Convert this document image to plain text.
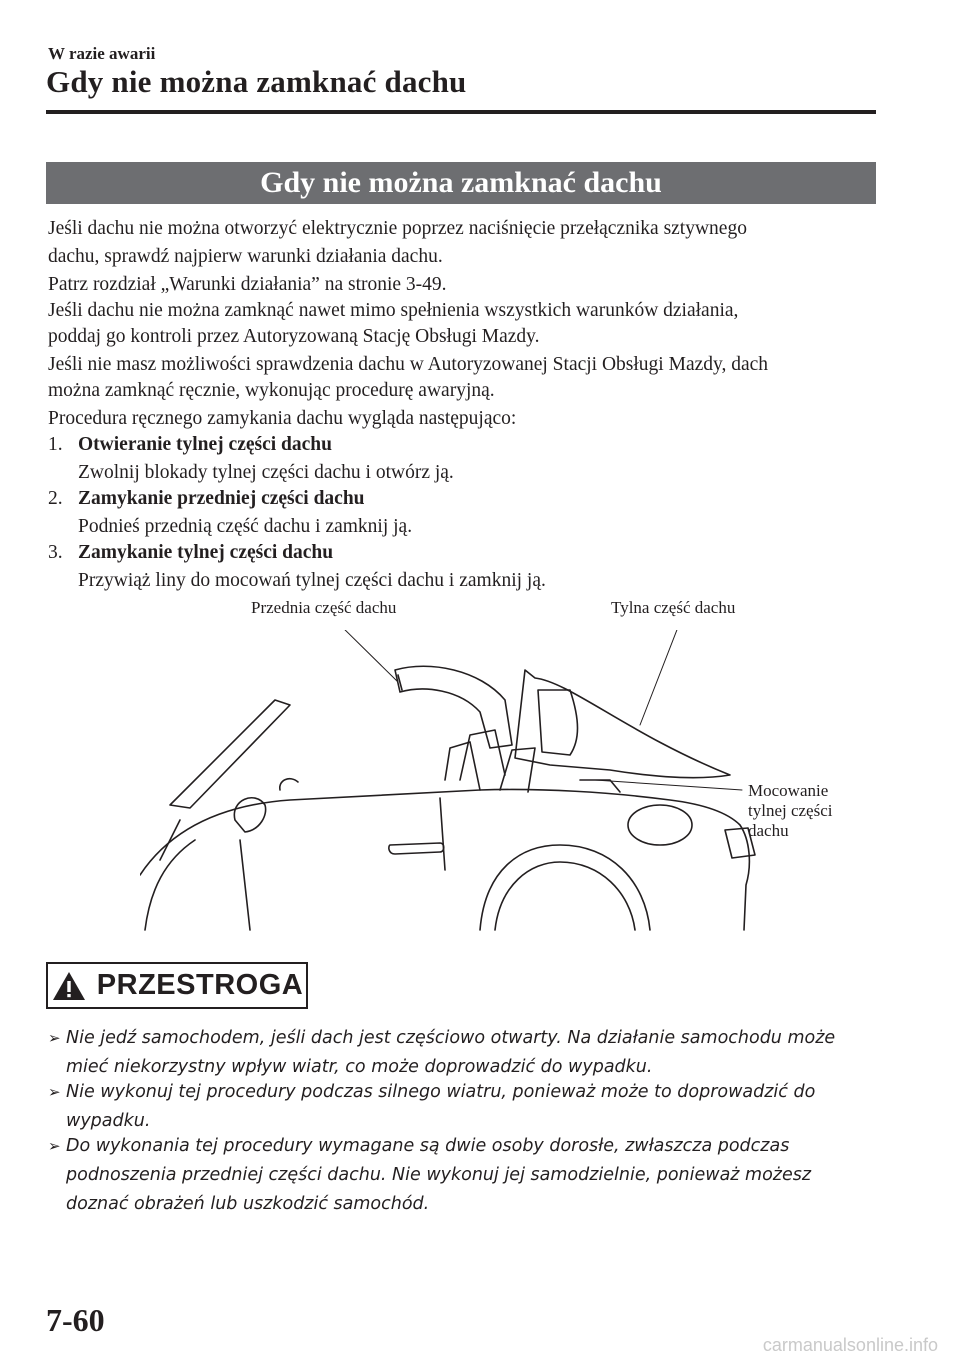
W razie awarii
Gdy nie można zamknać dachu
Gdy nie można zamknać dachu
Jeśli dachu nie można otworzyć elektrycznie poprzez naciśnięcie przełącznika sztywnego
dachu, sprawdź najpierw warunki działania dachu.
Patrz rozdział „Warunki działania” na stronie 3-49.
Jeśli dachu nie można zamknąć nawet mimo spełnienia wszystkich warunków działania,
poddaj go kontroli przez Autoryzowaną Stację Obsługi Mazdy.
Jeśli nie masz możliwości sprawdzenia dachu w Autoryzowanej Stacji Obsługi Mazdy, dach
można zamknąć ręcznie, wykonując procedurę awaryjną.
Procedura ręcznego zamykania dachu wygląda następująco:
1. Otwieranie tylnej części dachu
Zwolnij blokady tylnej części dachu i otwórz ją.
2. Zamykanie przedniej części dachu
Podnieś przednią część dachu i zamknij ją.
3. Zamykanie tylnej części dachu
Przywiąż liny do mocowań tylnej części dachu i zamknij ją.
Przednia część dachu	Tylna część dachu
Mocowanie
tylnej części
dachu
PRZESTROGA
➢ Nie jedź samochodem, jeśli dach jest częściowo otwarty. Na działanie samochodu może
mieć niekorzystny wpływ wiatr, co może doprowadzić do wypadku.
➢ Nie wykonuj tej procedury podczas silnego wiatru, ponieważ może to doprowadzić do
wypadku.
➢ Do wykonania tej procedury wymagane są dwie osoby dorosłe, zwłaszcza podczas
podnoszenia przedniej części dachu. Nie wykonuj jej samodzielnie, ponieważ możesz
doznać obrażeń lub uszkodzić samochód.
7-60
carmanualsonline.info
